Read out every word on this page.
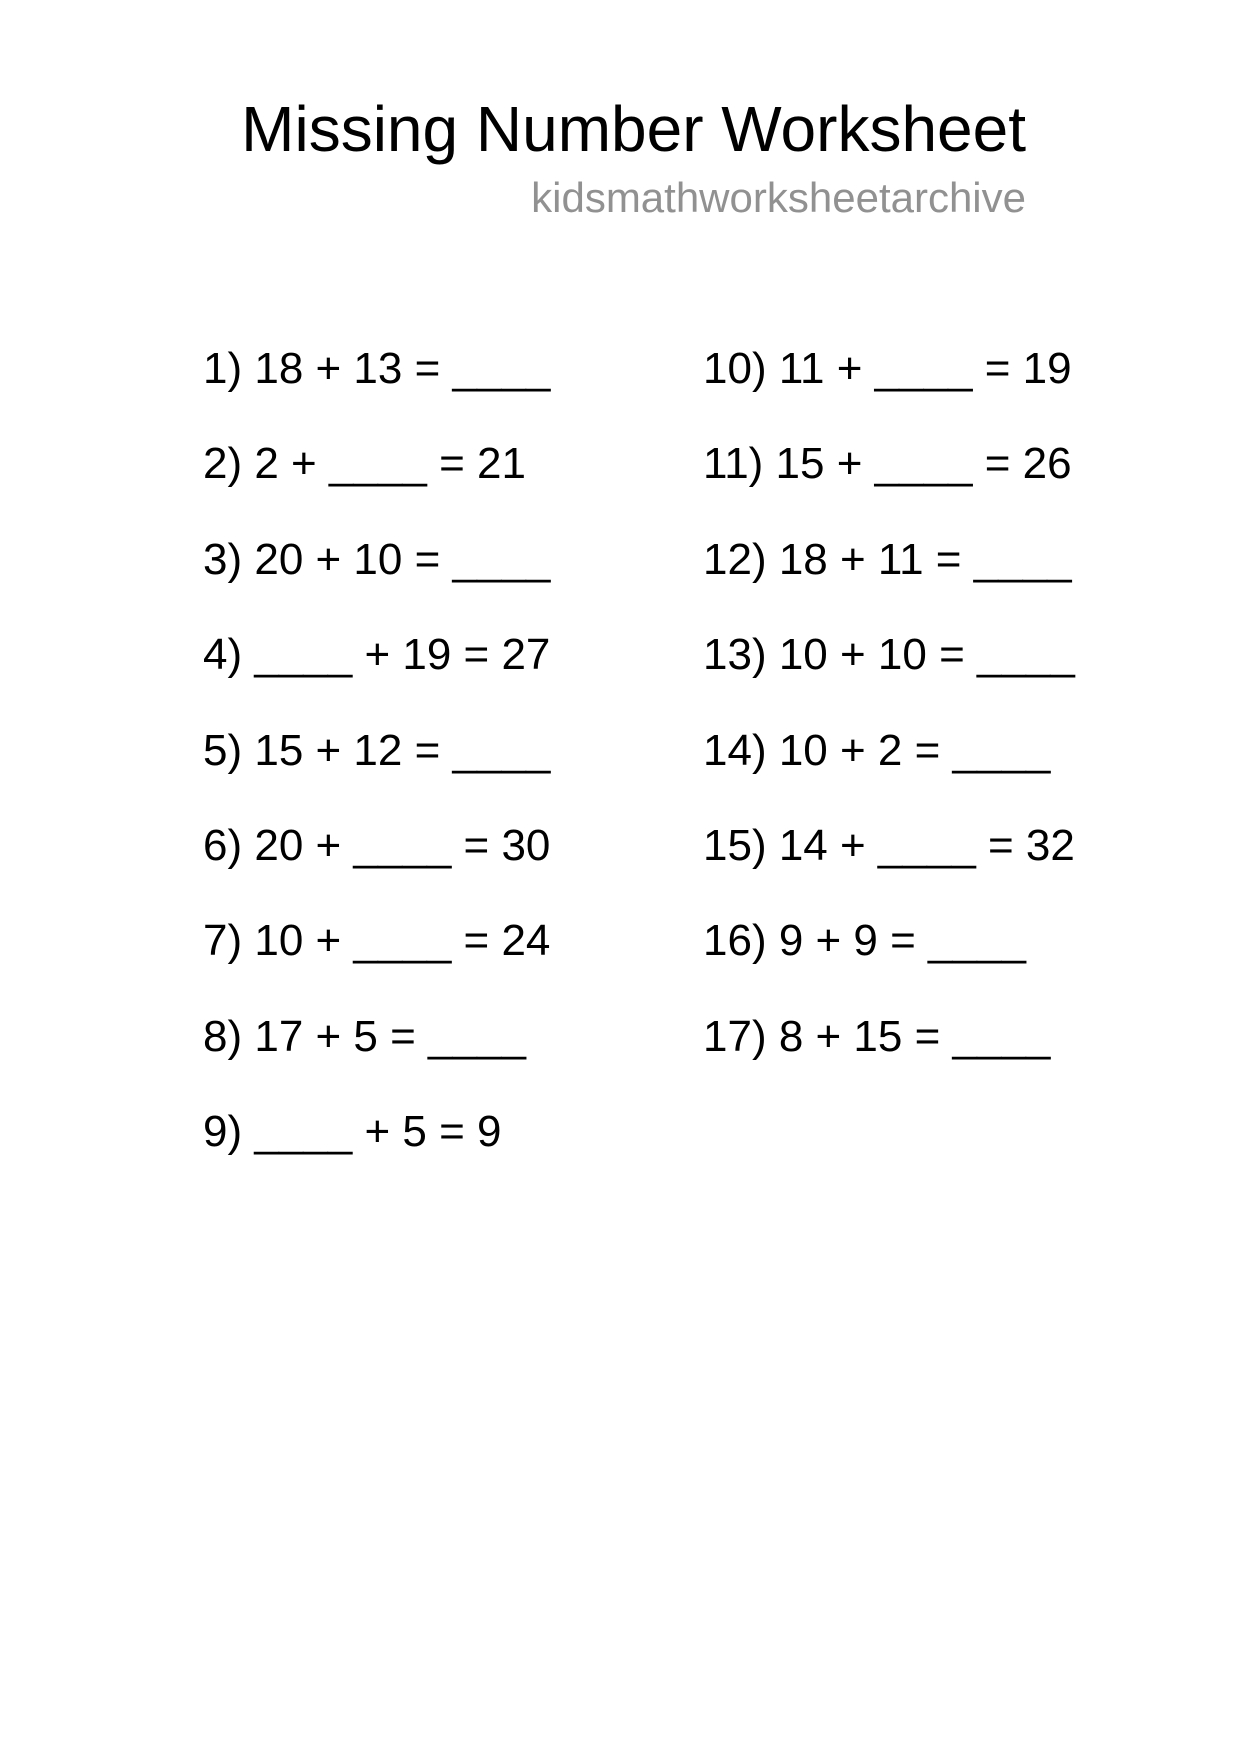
Missing Number Worksheet
kidsmathworksheetarchive
1) 18 + 13 = ____
2) 2 + ____ = 21
3) 20 + 10 = ____
4) ____ + 19 = 27
5) 15 + 12 = ____
6) 20 + ____ = 30
7) 10 + ____ = 24
8) 17 + 5 = ____
9) ____ + 5 = 9
10) 11 + ____ = 19
11) 15 + ____ = 26
12) 18 + 11 = ____
13) 10 + 10 = ____
14) 10 + 2 = ____
15) 14 + ____ = 32
16) 9 + 9 = ____
17) 8 + 15 = ____
